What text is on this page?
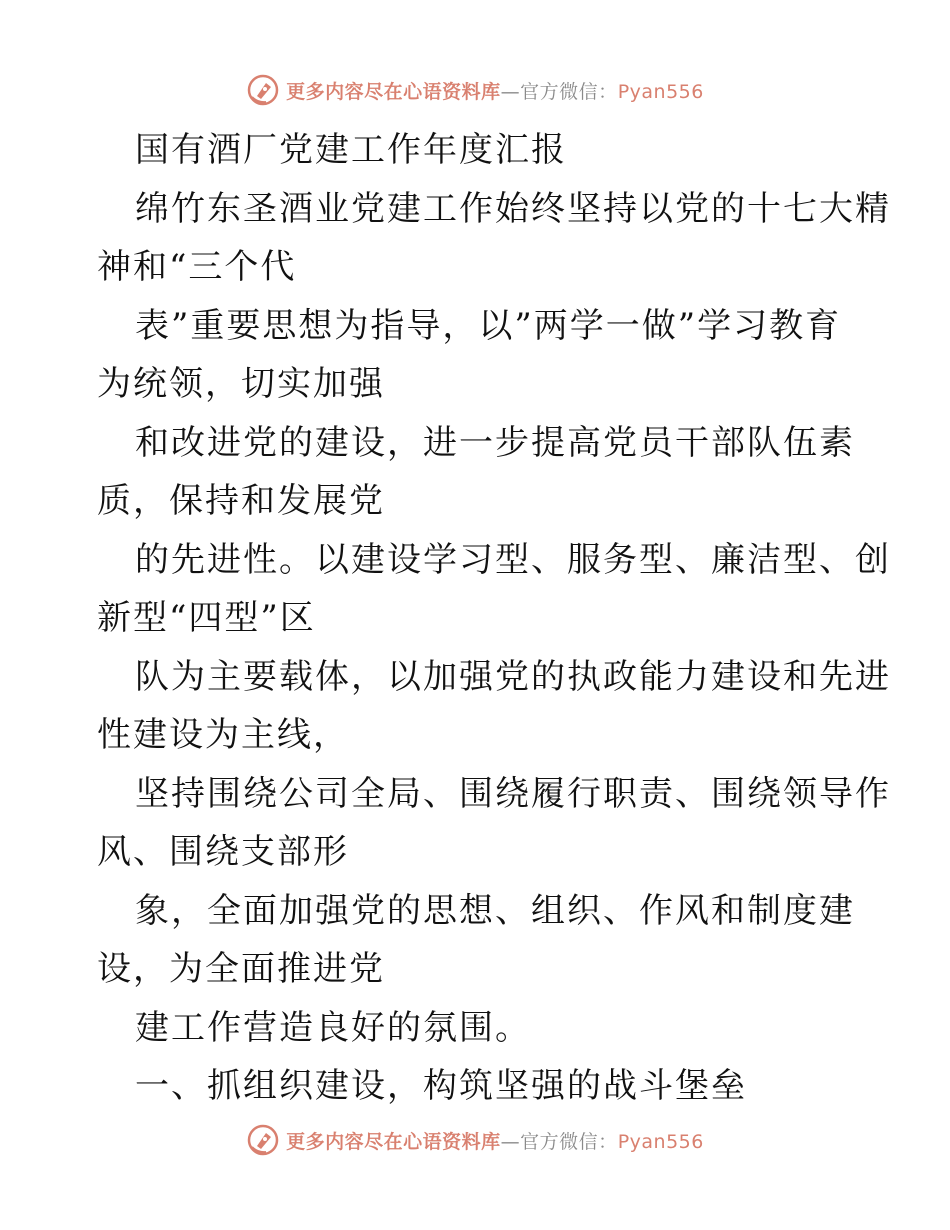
更多内容尽在心语资料库—官方微信：Pyan556
国有酒厂党建工作年度汇报
绵竹东圣酒业党建工作始终坚持以党的十七大精
神和“三个代
表”重要思想为指导，以”两学一做”学习教育
为统领，切实加强
和改进党的建设，进一步提高党员干部队伍素
质，保持和发展党
的先进性。以建设学习型、服务型、廉洁型、创
新型“四型”区
队为主要载体，以加强党的执政能力建设和先进
性建设为主线，
坚持围绕公司全局、围绕履行职责、围绕领导作
风、围绕支部形
象，全面加强党的思想、组织、作风和制度建
设，为全面推进党
建工作营造良好的氛围。
一、抓组织建设，构筑坚强的战斗堡垒
更多内容尽在心语资料库—官方微信：Pyan556
